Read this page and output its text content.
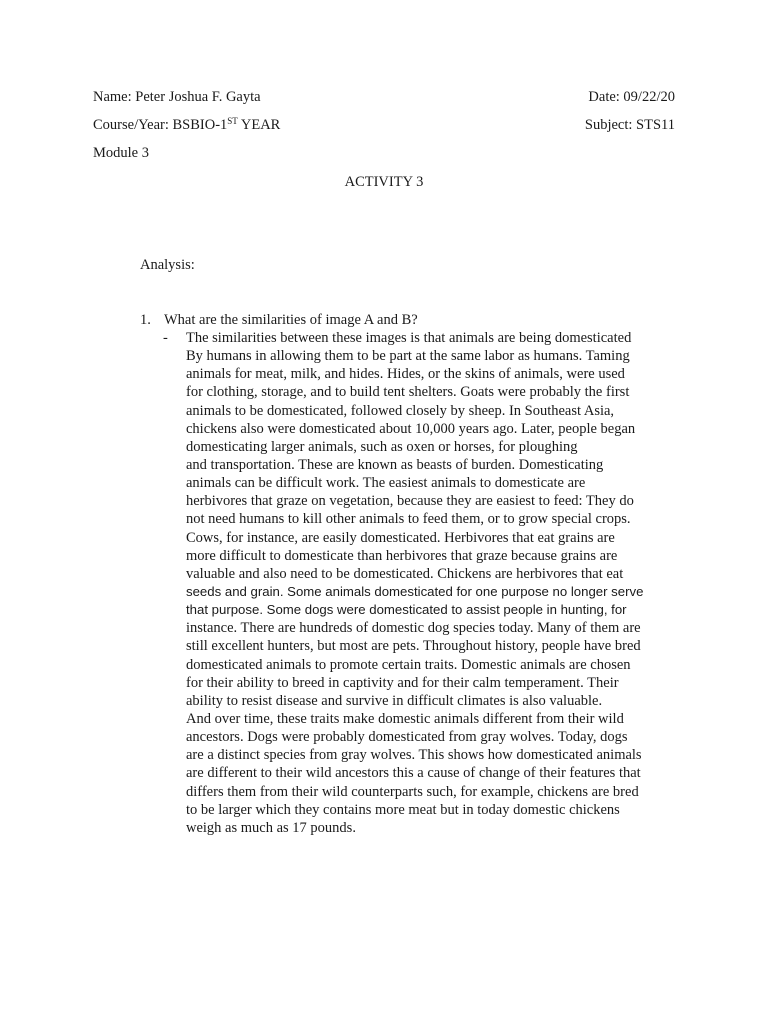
Name: Peter Joshua F. Gayta	Date: 09/22/20
Course/Year: BSBIO-1ST YEAR	Subject: STS11
Module 3
ACTIVITY 3
Analysis:
1. What are the similarities of image A and B?
- The similarities between these images is that animals are being domesticated
By humans in allowing them to be part at the same labor as humans. Taming
animals for meat, milk, and hides. Hides, or the skins of animals, were used
for clothing, storage, and to build tent shelters. Goats were probably the first
animals to be domesticated, followed closely by sheep. In Southeast Asia,
chickens also were domesticated about 10,000 years ago. Later, people began
domesticating larger animals, such as oxen or horses, for ploughing
and transportation. These are known as beasts of burden. Domesticating
animals can be difficult work. The easiest animals to domesticate are
herbivores that graze on vegetation, because they are easiest to feed: They do
not need humans to kill other animals to feed them, or to grow special crops.
Cows, for instance, are easily domesticated. Herbivores that eat grains are
more difficult to domesticate than herbivores that graze because grains are
valuable and also need to be domesticated. Chickens are herbivores that eat
seeds and grain. Some animals domesticated for one purpose no longer serve
that purpose. Some dogs were domesticated to assist people in hunting, for
instance. There are hundreds of domestic dog species today. Many of them are
still excellent hunters, but most are pets. Throughout history, people have bred
domesticated animals to promote certain traits. Domestic animals are chosen
for their ability to breed in captivity and for their calm temperament. Their
ability to resist disease and survive in difficult climates is also valuable.
And over time, these traits make domestic animals different from their wild
ancestors. Dogs were probably domesticated from gray wolves. Today, dogs
are a distinct species from gray wolves. This shows how domesticated animals
are different to their wild ancestors this a cause of change of their features that
differs them from their wild counterparts such, for example, chickens are bred
to be larger which they contains more meat but in today domestic chickens
weigh as much as 17 pounds.
